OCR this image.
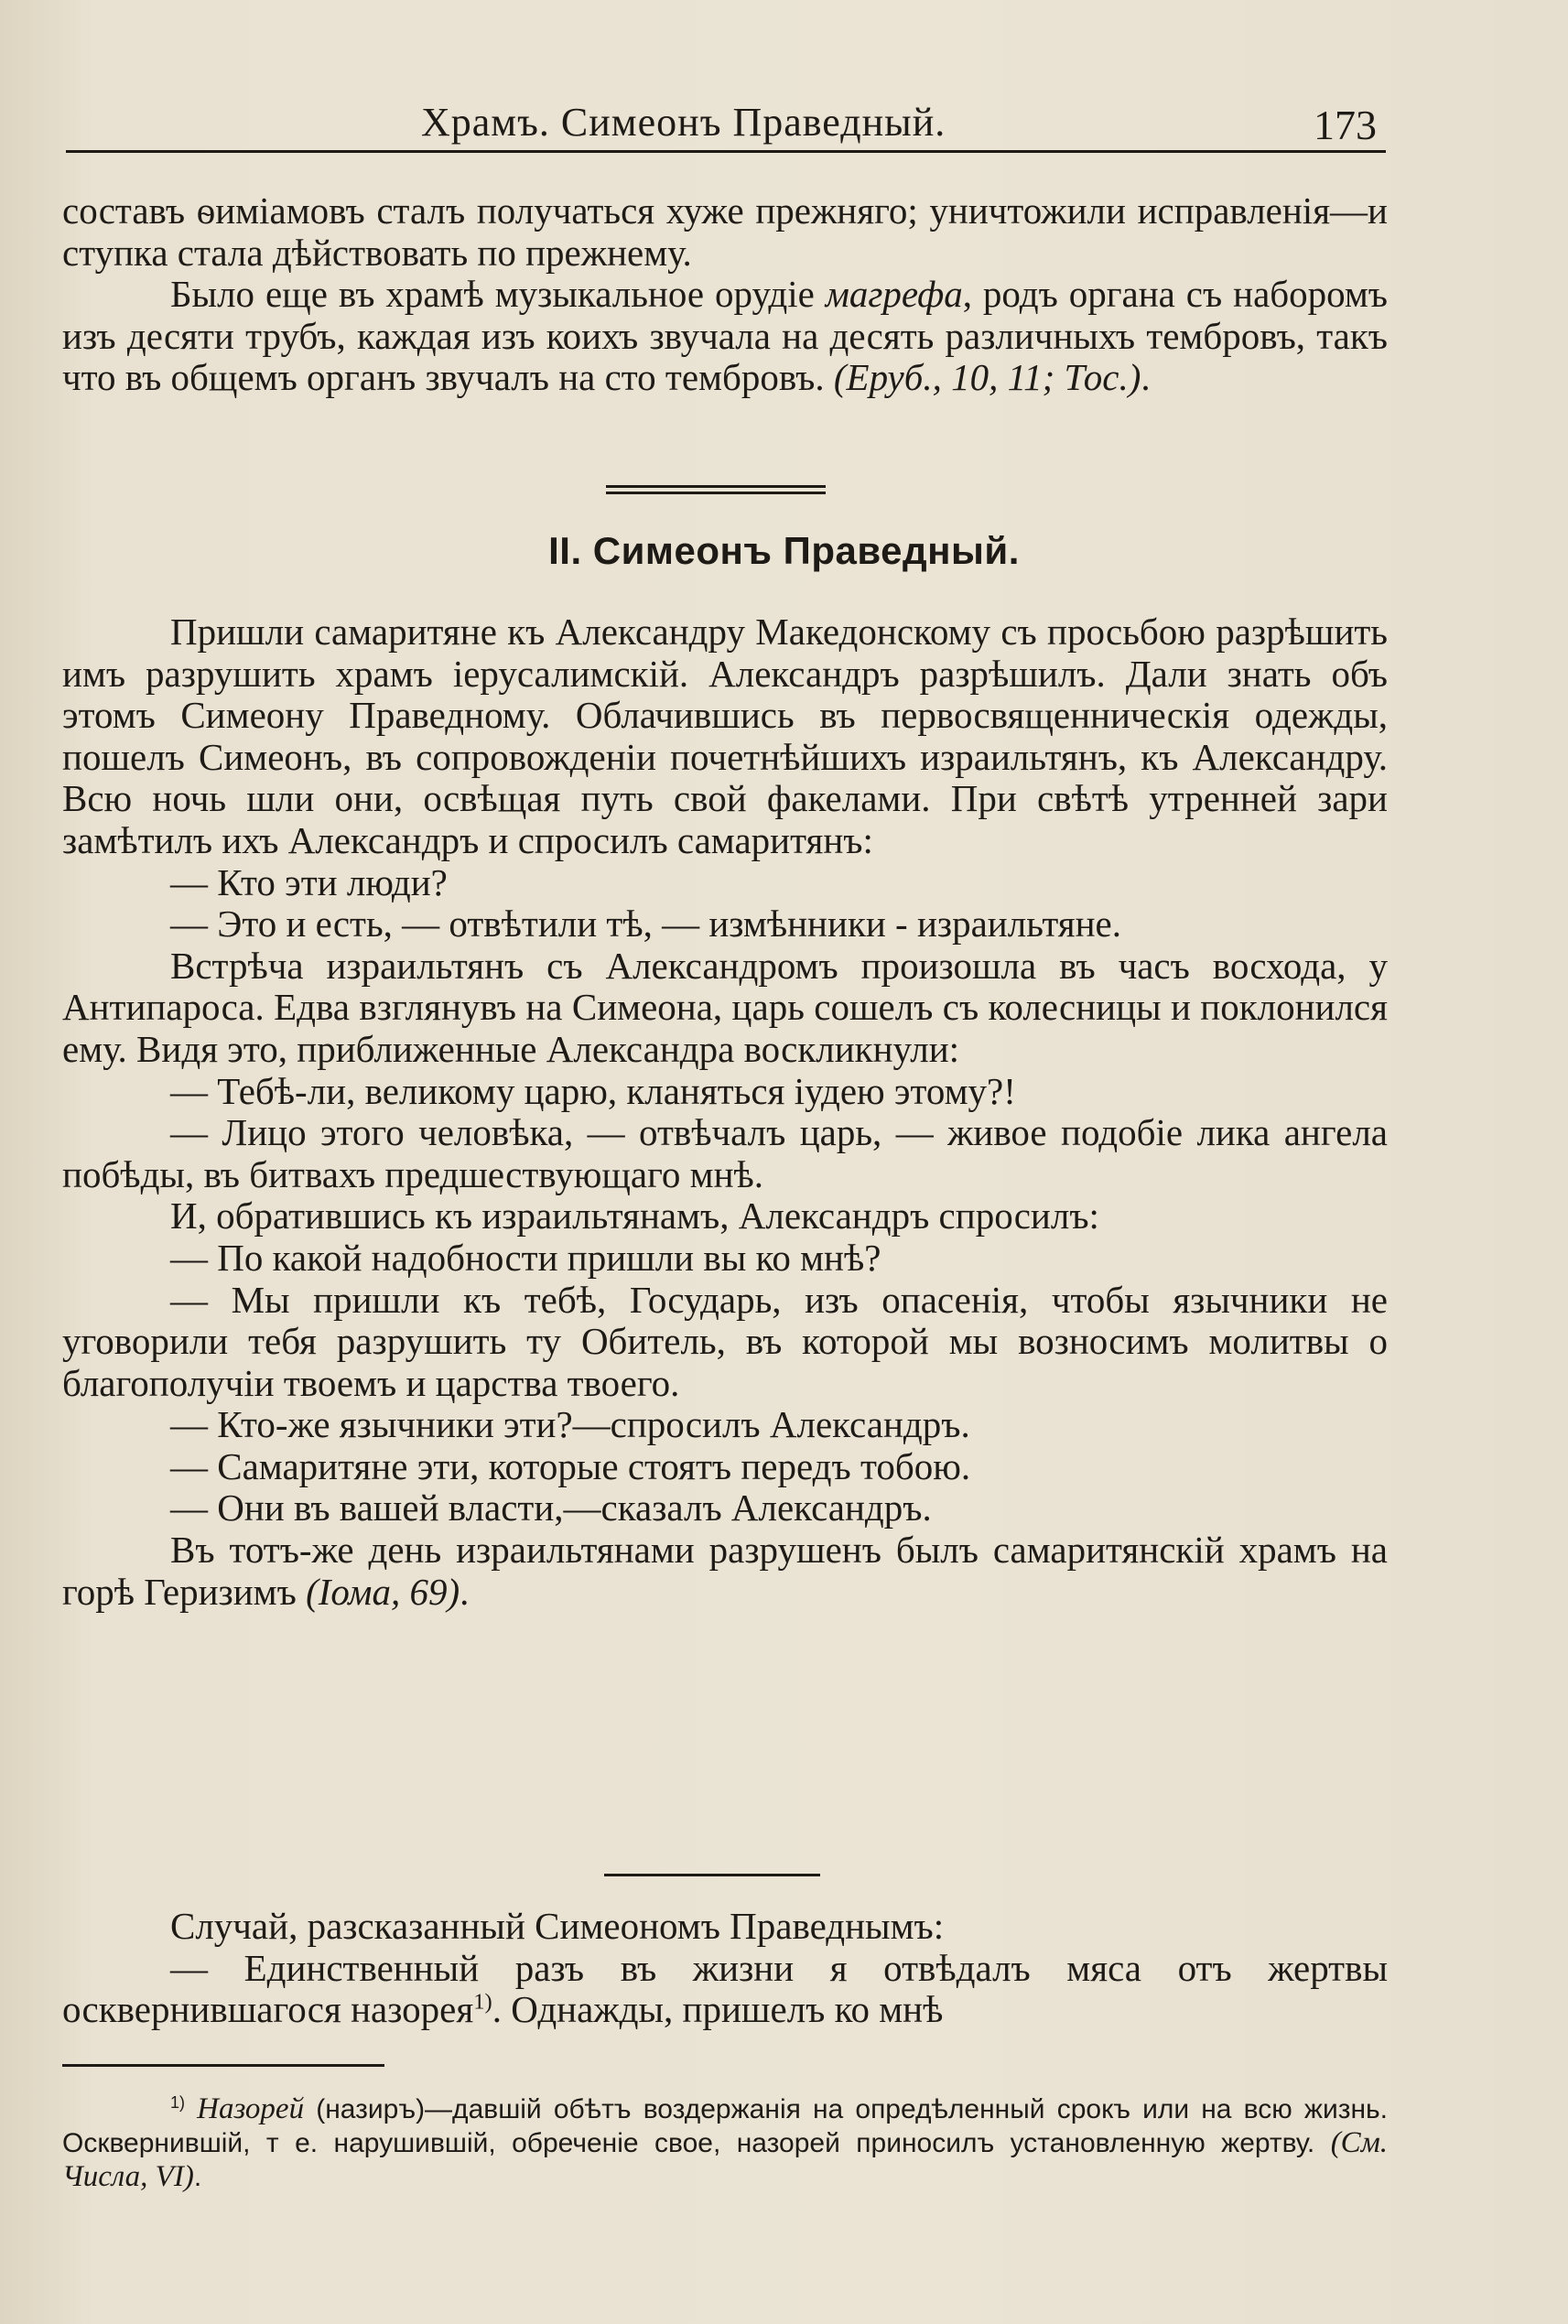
Храмъ. Симеонъ Праведный.	173

составъ ѳиміамовъ сталъ получаться хуже прежняго; уничтожили исправленія—и ступка стала дѣйствовать по прежнему.

Было еще въ храмѣ музыкальное орудіе магрефа, родъ органа съ наборомъ изъ десяти трубъ, каждая изъ коихъ звучала на десять различныхъ тембровъ, такъ что въ общемъ органъ звучалъ на сто тембровъ. (Еруб., 10, 11; Тос.).

II. Симеонъ Праведный.

Пришли самаритяне къ Александру Македонскому съ просьбою разрѣшить имъ разрушить храмъ іерусалимскій. Александръ разрѣшилъ. Дали знать объ этомъ Симеону Праведному. Облачившись въ первосвященническія одежды, пошелъ Симеонъ, въ сопровожденіи почетнѣйшихъ израильтянъ, къ Александру. Всю ночь шли они, освѣщая путь свой факелами. При свѣтѣ утренней зари замѣтилъ ихъ Александръ и спросилъ самаритянъ:

— Кто эти люди?

— Это и есть, — отвѣтили тѣ, — измѣнники - израильтяне.

Встрѣча израильтянъ съ Александромъ произошла въ часъ восхода, у Антипароса. Едва взглянувъ на Симеона, царь сошелъ съ колесницы и поклонился ему. Видя это, приближенные Александра воскликнули:

— Тебѣ-ли, великому царю, кланяться іудею этому?!

— Лицо этого человѣка, — отвѣчалъ царь, — живое подобіе лика ангела побѣды, въ битвахъ предшествующаго мнѣ.

И, обратившись къ израильтянамъ, Александръ спросилъ:

— По какой надобности пришли вы ко мнѣ?

— Мы пришли къ тебѣ, Государь, изъ опасенія, чтобы язычники не уговорили тебя разрушить ту Обитель, въ которой мы возносимъ молитвы о благополучіи твоемъ и царства твоего.

— Кто-же язычники эти?—спросилъ Александръ.

— Самаритяне эти, которые стоятъ передъ тобою.

— Они въ вашей власти,—сказалъ Александръ.

Въ тотъ-же день израильтянами разрушенъ былъ самаритянскій храмъ на горѣ Геризимъ (Іома, 69).

Случай, разсказанный Симеономъ Праведнымъ:

— Единственный разъ въ жизни я отвѣдалъ мяса отъ жертвы осквернившагося назорея$^{1)}$. Однажды, пришелъ ко мнѣ

$^{1)}$ Назорей (назиръ)—давшій обѣтъ воздержанія на опредѣленный срокъ или на всю жизнь. Осквернившій, т е. нарушившій, обреченіе свое, назорей приносилъ установленную жертву. (См. Числа, VI).
